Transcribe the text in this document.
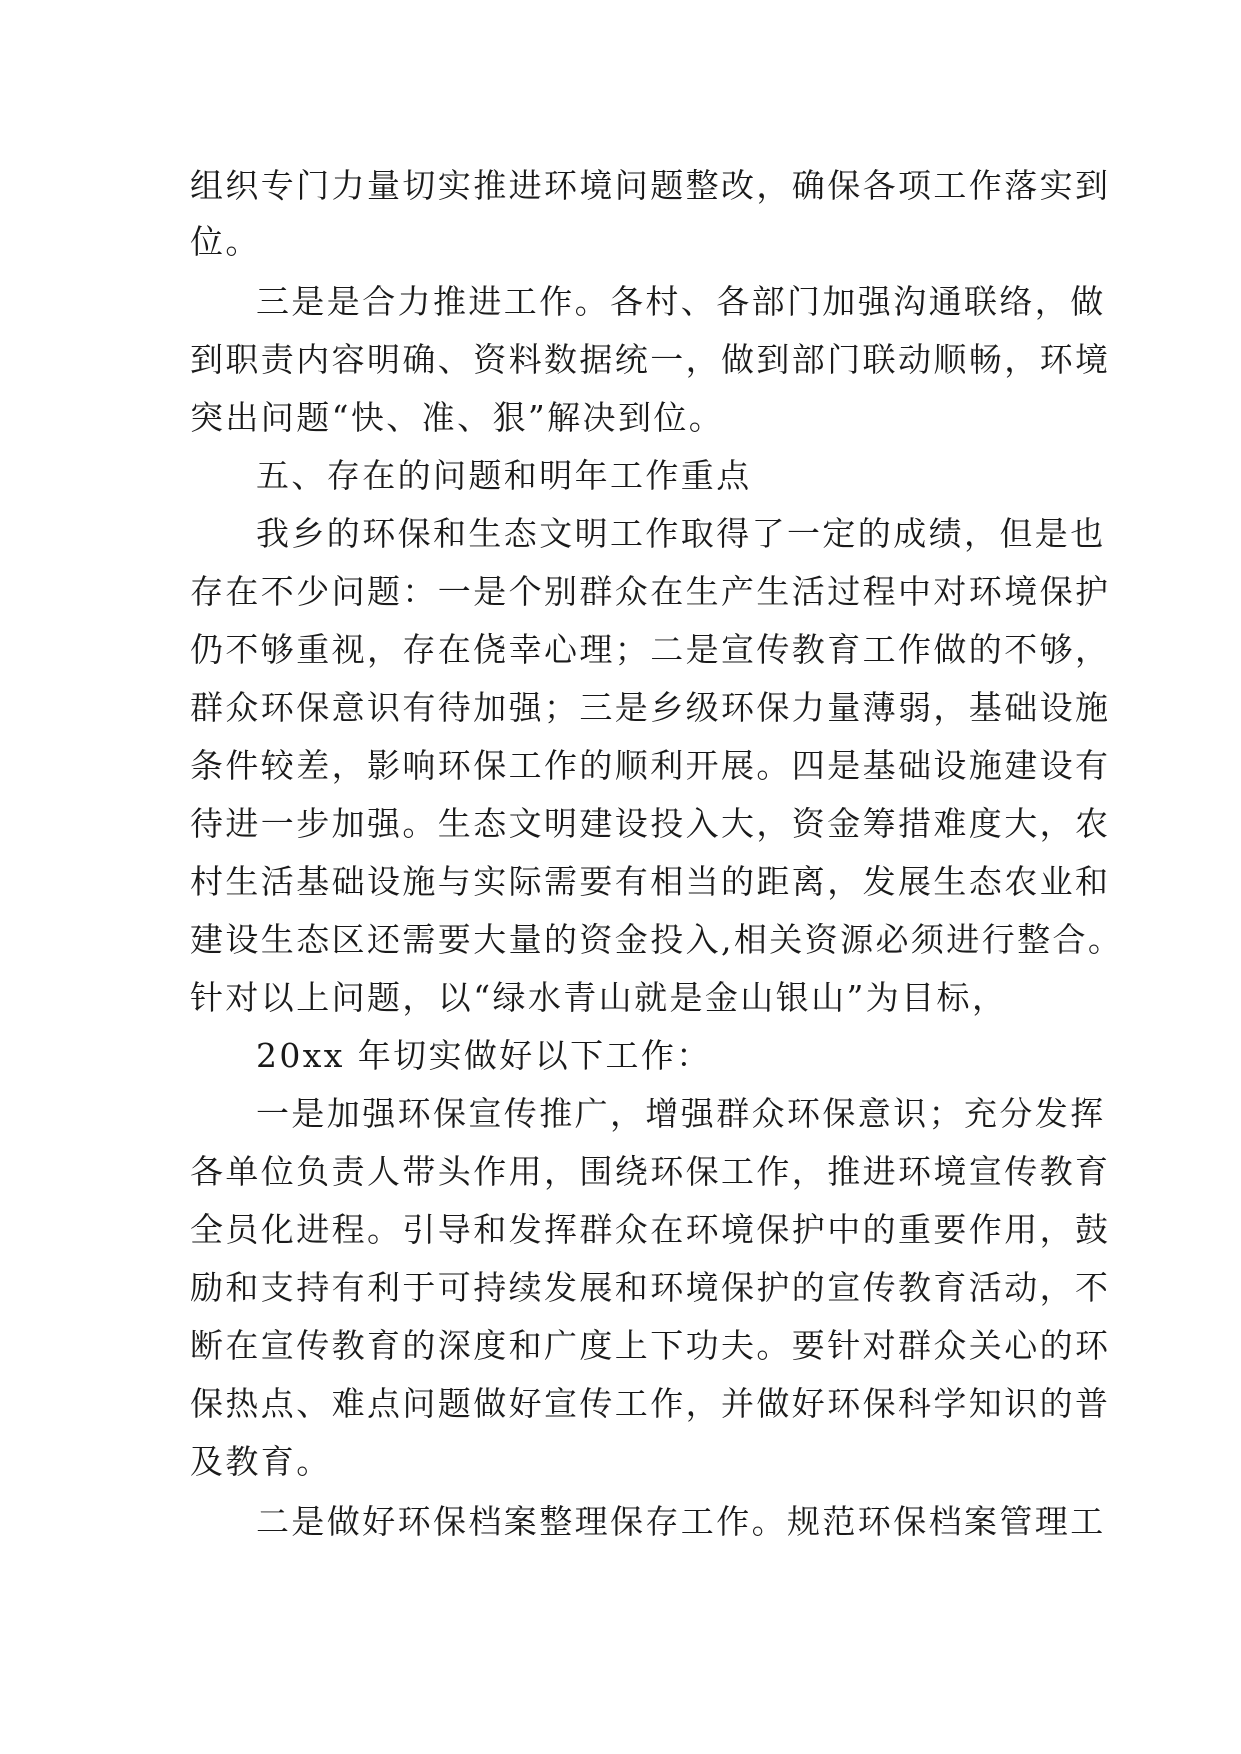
组织专门力量切实推进环境问题整改，确保各项工作落实到
位。
三是是合力推进工作。各村、各部门加强沟通联络，做
到职责内容明确、资料数据统一，做到部门联动顺畅，环境
突出问题“快、准、狠”解决到位。
五、存在的问题和明年工作重点
我乡的环保和生态文明工作取得了一定的成绩，但是也
存在不少问题：一是个别群众在生产生活过程中对环境保护
仍不够重视，存在侥幸心理；二是宣传教育工作做的不够，
群众环保意识有待加强；三是乡级环保力量薄弱，基础设施
条件较差，影响环保工作的顺利开展。四是基础设施建设有
待进一步加强。生态文明建设投入大，资金筹措难度大，农
村生活基础设施与实际需要有相当的距离，发展生态农业和
建设生态区还需要大量的资金投入,相关资源必须进行整合。
针对以上问题，以“绿水青山就是金山银山”为目标，
20xx 年切实做好以下工作：
一是加强环保宣传推广，增强群众环保意识；充分发挥
各单位负责人带头作用，围绕环保工作，推进环境宣传教育
全员化进程。引导和发挥群众在环境保护中的重要作用，鼓
励和支持有利于可持续发展和环境保护的宣传教育活动，不
断在宣传教育的深度和广度上下功夫。要针对群众关心的环
保热点、难点问题做好宣传工作，并做好环保科学知识的普
及教育。
二是做好环保档案整理保存工作。规范环保档案管理工
